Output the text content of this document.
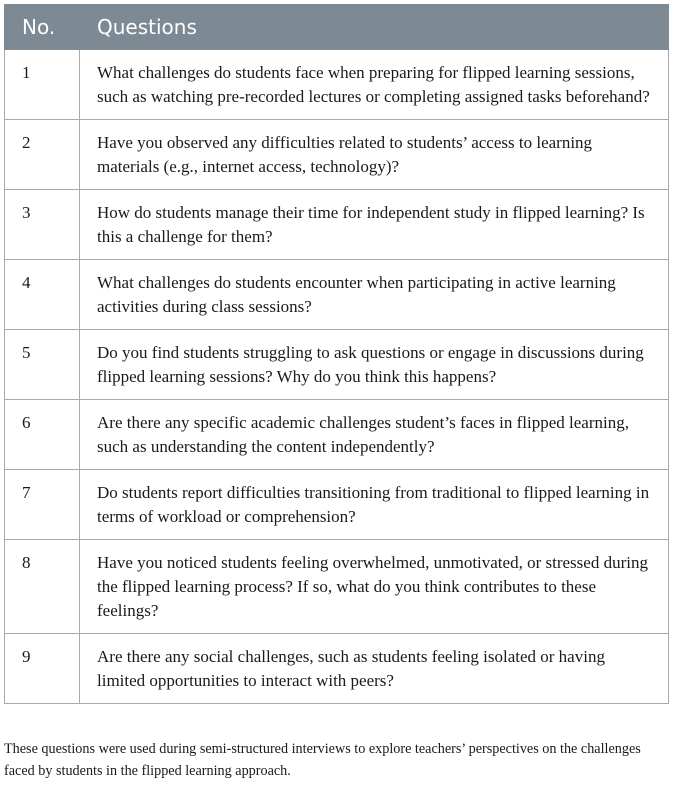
No.	Questions
1	What challenges do students face when preparing for flipped learning sessions, such as watching pre-recorded lectures or completing assigned tasks beforehand?
2	Have you observed any difficulties related to students’ access to learning materials (e.g., internet access, technology)?
3	How do students manage their time for independent study in flipped learning? Is this a challenge for them?
4	What challenges do students encounter when participating in active learning activities during class sessions?
5	Do you find students struggling to ask questions or engage in discussions during flipped learning sessions? Why do you think this happens?
6	Are there any specific academic challenges student’s faces in flipped learning, such as understanding the content independently?
7	Do students report difficulties transitioning from traditional to flipped learning in terms of workload or comprehension?
8	Have you noticed students feeling overwhelmed, unmotivated, or stressed during the flipped learning process? If so, what do you think contributes to these feelings?
9	Are there any social challenges, such as students feeling isolated or having limited opportunities to interact with peers?

These questions were used during semi-structured interviews to explore teachers’ perspectives on the challenges faced by students in the flipped learning approach.
